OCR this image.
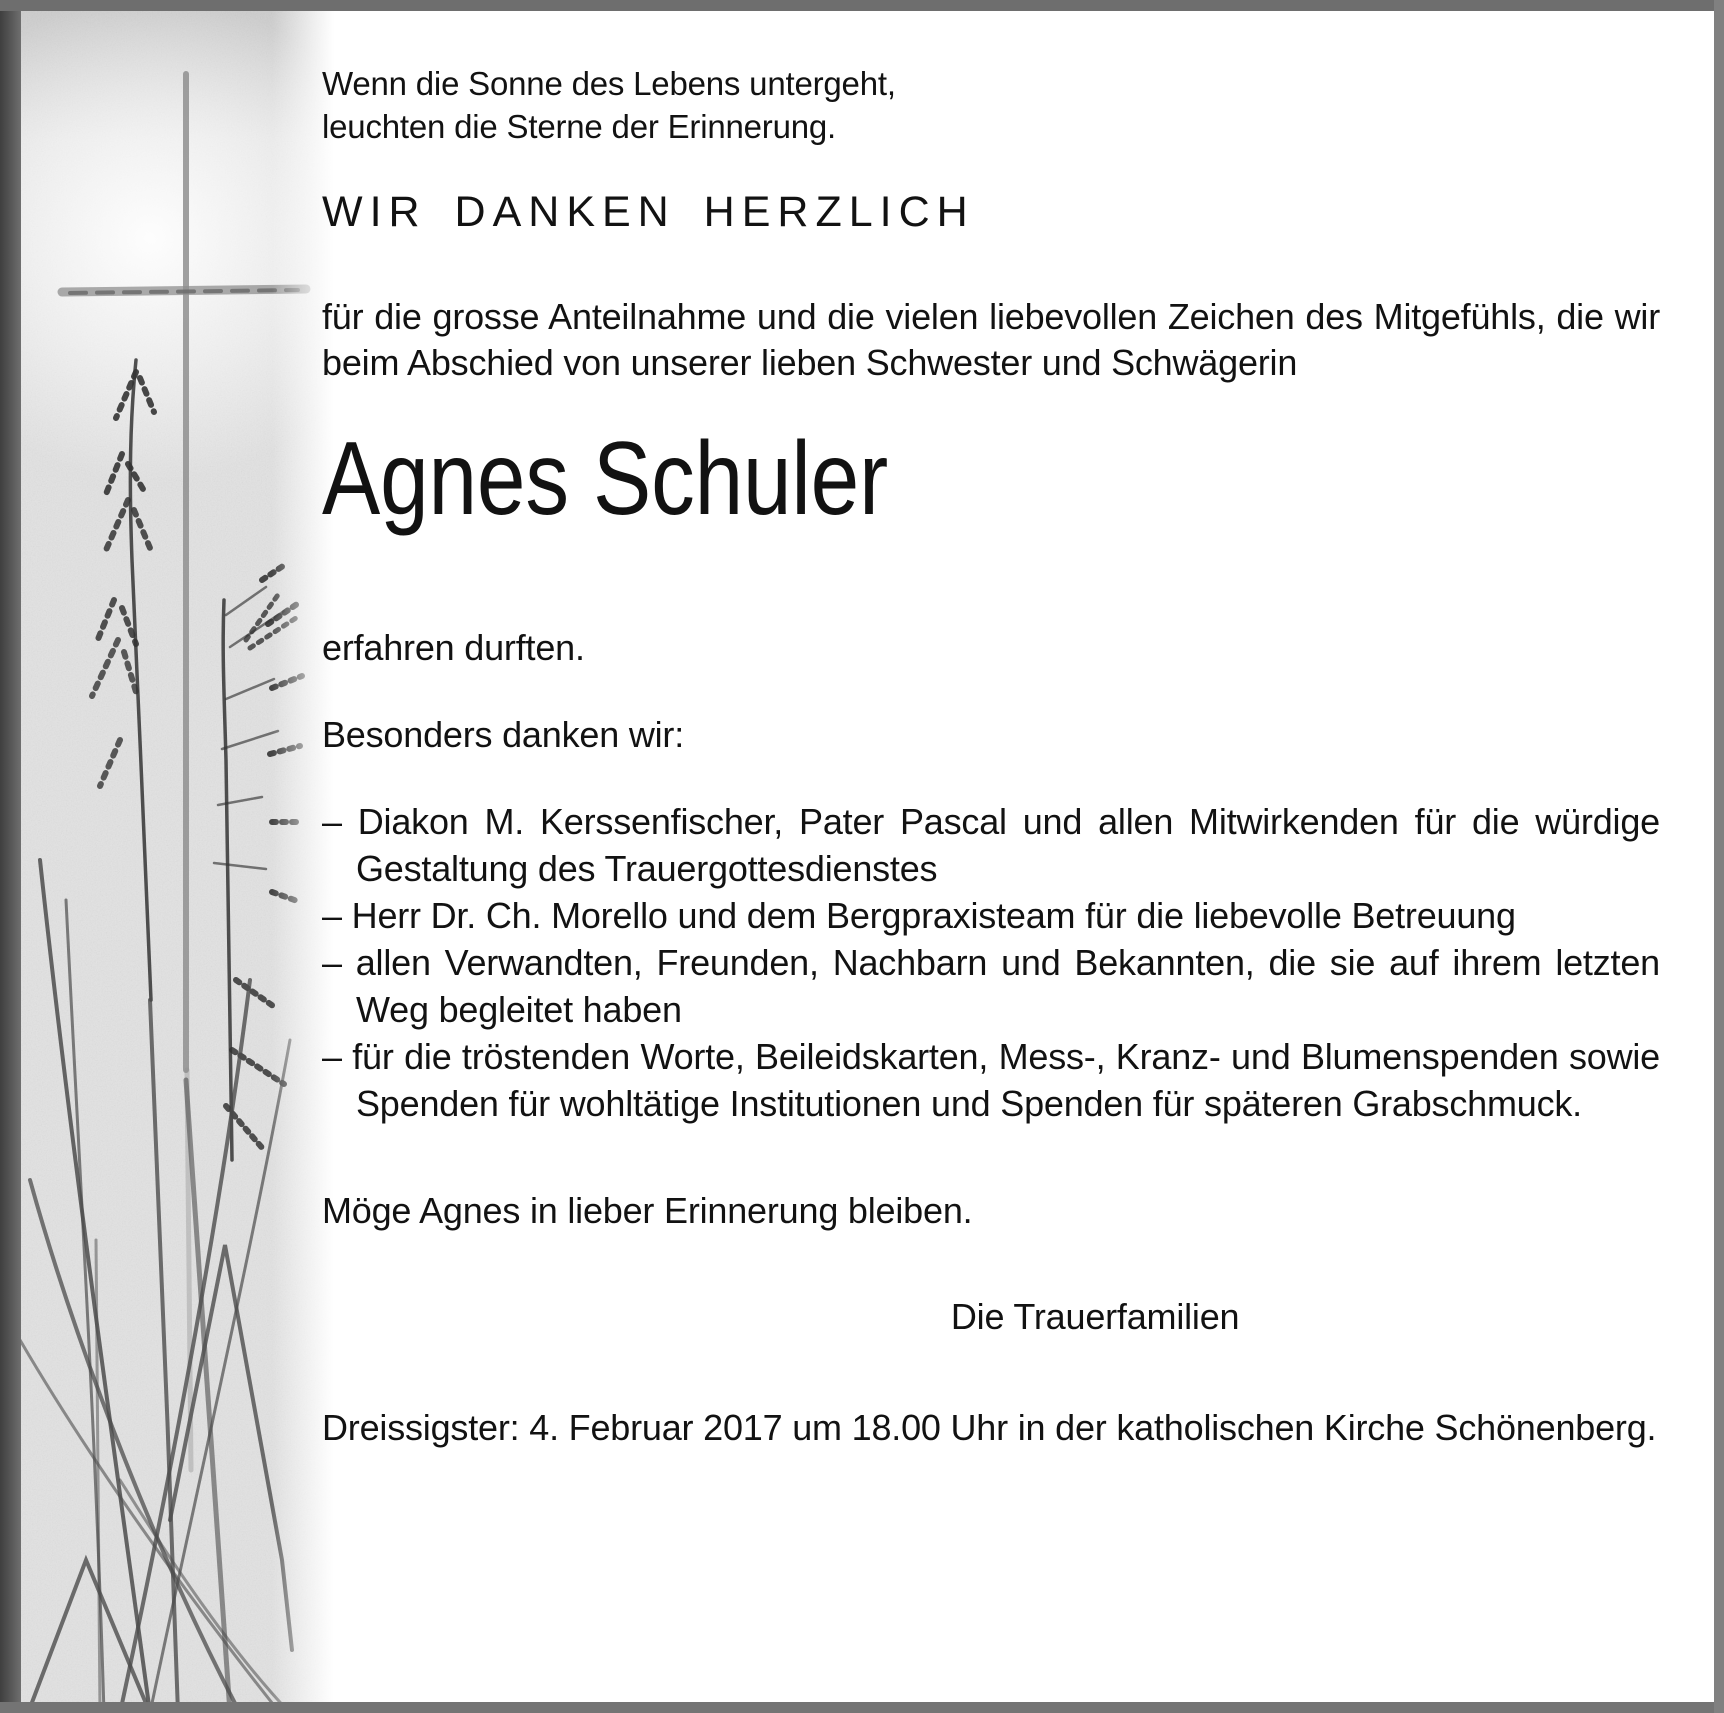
Wenn die Sonne des Lebens untergeht,
leuchten die Sterne der Erinnerung.
WIR DANKEN HERZLICH

für die grosse Anteilnahme und die vielen liebevollen Zeichen des Mitgefühls, die wir beim Abschied von unserer lieben Schwester und Schwägerin

Agnes Schuler
erfahren durften.
Besonders danken wir:
– Diakon M. Kerssenfischer, Pater Pascal und allen Mitwirkenden für die würdige Gestaltung des Trauergottesdienstes
– Herr Dr. Ch. Morello und dem Bergpraxisteam für die liebevolle Betreuung
– allen Verwandten, Freunden, Nachbarn und Bekannten, die sie auf ihrem letzten Weg begleitet haben
– für die tröstenden Worte, Beileidskarten, Mess-, Kranz- und Blumenspenden sowie Spenden für wohltätige Institutionen und Spenden für späteren Grabschmuck.
Möge Agnes in lieber Erinnerung bleiben.
Die Trauerfamilien

Dreissigster: 4. Februar 2017 um 18.00 Uhr in der katholischen Kirche Schönenberg.
